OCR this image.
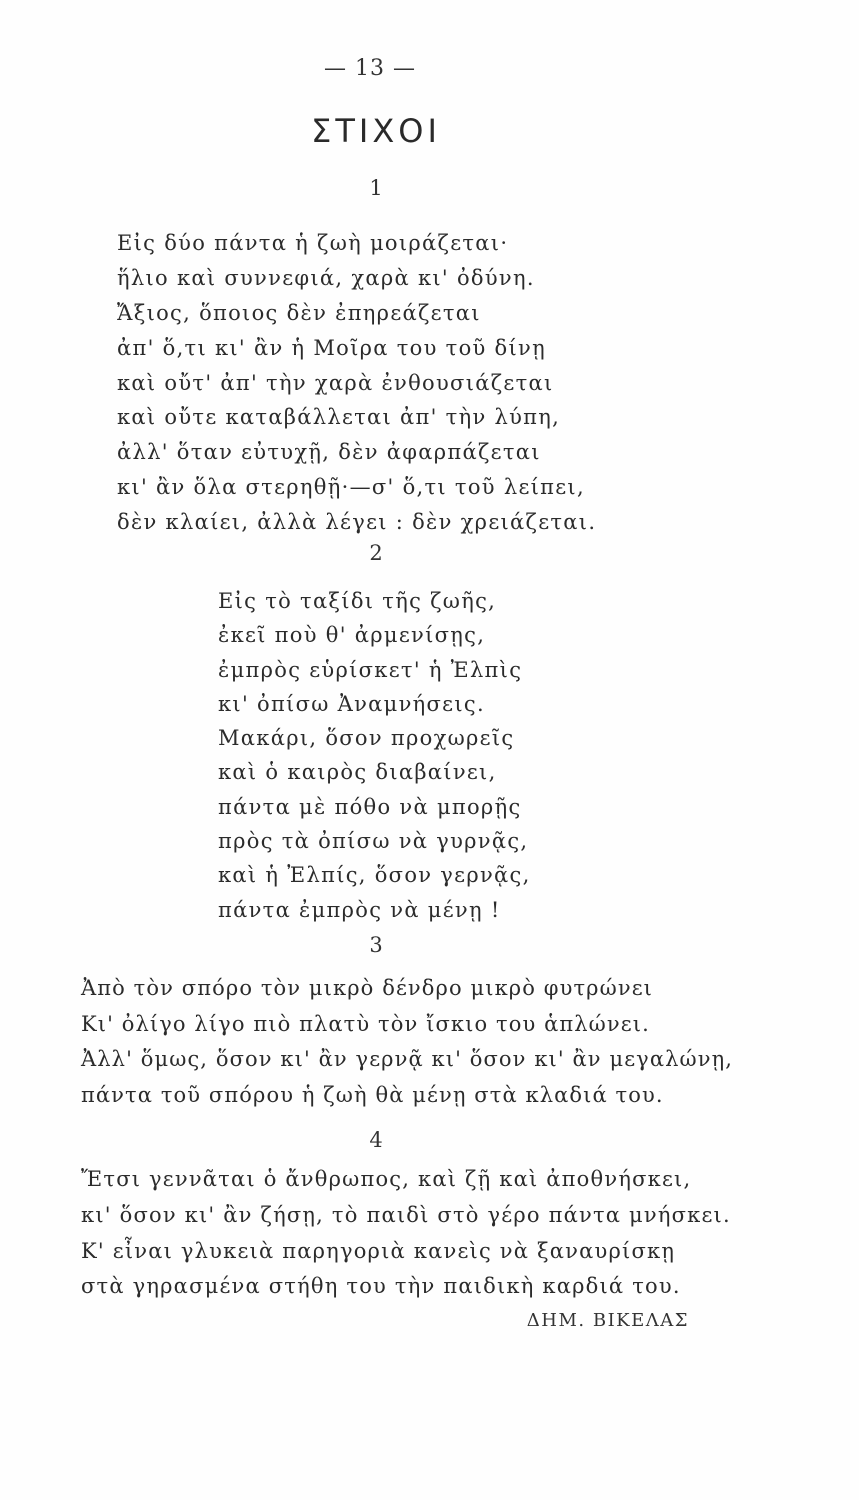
— 13 —
ΣΤΙΧΟΙ
1
Εἰς δύο πάντα ἡ ζωὴ μοιράζεται·
ἥλιο καὶ συννεφιά, χαρὰ κι' ὀδύνη.
Ἄξιος, ὅποιος δὲν ἐπηρεάζεται
ἀπ' ὅ,τι κι' ἂν ἡ Μοῖρα του τοῦ δίνῃ
καὶ οὔτ' ἀπ' τὴν χαρὰ ἐνθουσιάζεται
καὶ οὔτε καταβάλλεται ἀπ' τὴν λύπη,
ἀλλ' ὅταν εὐτυχῇ, δὲν ἀφαρπάζεται
κι' ἂν ὅλα στερηθῇ·—σ' ὅ,τι τοῦ λείπει,
δὲν κλαίει, ἀλλὰ λέγει : δὲν χρειάζεται.
2
Εἰς τὸ ταξίδι τῆς ζωῆς,
ἐκεῖ ποὺ θ' ἀρμενίσῃς,
ἐμπρὸς εὑρίσκετ' ἡ Ἐλπὶς
κι' ὀπίσω Ἀναμνήσεις.
Μακάρι, ὅσον προχωρεῖς
καὶ ὁ καιρὸς διαβαίνει,
πάντα μὲ πόθο νὰ μπορῇς
πρὸς τὰ ὀπίσω νὰ γυρνᾷς,
καὶ ἡ Ἐλπίς, ὅσον γερνᾷς,
πάντα ἐμπρὸς νὰ μένῃ !
3
Ἀπὸ τὸν σπόρο τὸν μικρὸ δένδρο μικρὸ φυτρώνει
Κι' ὀλίγο λίγο πιὸ πλατὺ τὸν ἴσκιο του ἁπλώνει.
Ἀλλ' ὅμως, ὅσον κι' ἂν γερνᾷ κι' ὅσον κι' ἂν μεγαλώνῃ,
πάντα τοῦ σπόρου ἡ ζωὴ θὰ μένῃ στὰ κλαδιά του.
4
Ἔτσι γεννᾶται ὁ ἄνθρωπος, καὶ ζῇ καὶ ἀποθνήσκει,
κι' ὅσον κι' ἂν ζήσῃ, τὸ παιδὶ στὸ γέρο πάντα μνήσκει.
Κ' εἶναι γλυκειὰ παρηγοριὰ κανεὶς νὰ ξαναυρίσκῃ
στὰ γηρασμένα στήθη του τὴν παιδικὴ καρδιά του.
ΔΗΜ. ΒΙΚΕΛΑΣ
